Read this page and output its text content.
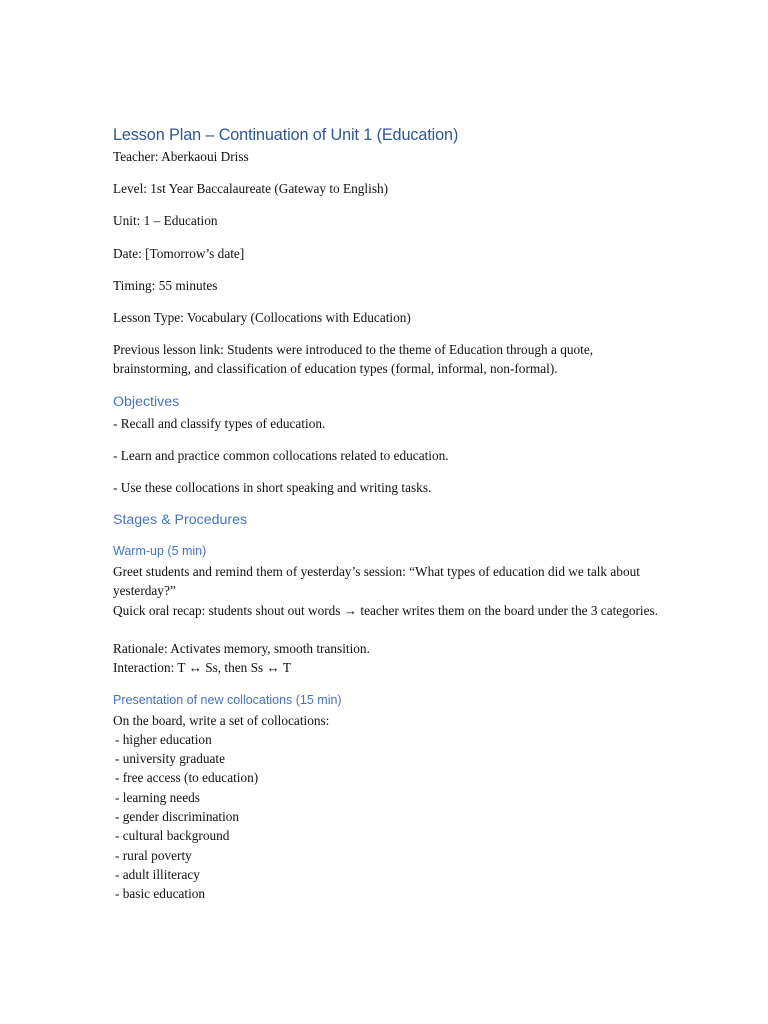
Lesson Plan – Continuation of Unit 1 (Education)

Teacher: Aberkaoui Driss

Level: 1st Year Baccalaureate (Gateway to English)

Unit: 1 – Education

Date: [Tomorrow’s date]

Timing: 55 minutes

Lesson Type: Vocabulary (Collocations with Education)

Previous lesson link: Students were introduced to the theme of Education through a quote, brainstorming, and classification of education types (formal, informal, non-formal).

Objectives

- Recall and classify types of education.

- Learn and practice common collocations related to education.

- Use these collocations in short speaking and writing tasks.

Stages & Procedures
Warm-up (5 min)

Greet students and remind them of yesterday’s session: “What types of education did we talk about yesterday?”

Quick oral recap: students shout out words → teacher writes them on the board under the 3 categories.

Rationale: Activates memory, smooth transition.

Interaction: T ↔ Ss, then Ss ↔ T

Presentation of new collocations (15 min)

On the board, write a set of collocations:

- higher education

- university graduate

- free access (to education)

- learning needs

- gender discrimination

- cultural background

- rural poverty

- adult illiteracy

- basic education
